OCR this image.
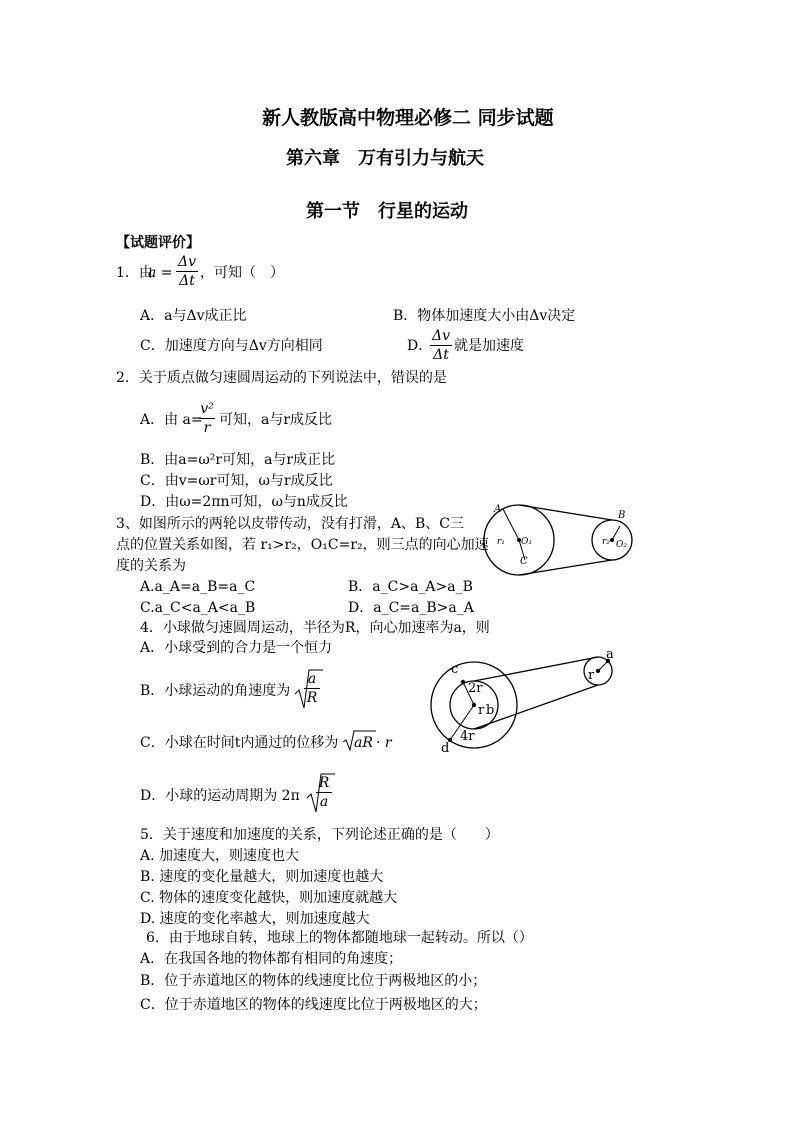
新人教版高中物理必修二 同步试题
第六章　万有引力与航天
第一节　行星的运动
【试题评价】
1．由
a =
Δv
Δt ，可知（　）
A．a与Δv成正比	B．物体加速度大小由Δv决定
C．加速度方向与Δv方向相同	D．
Δv
Δt
就是加速度
2．关于质点做匀速圆周运动的下列说法中，错误的是
A．由 a=
v²
r 可知，a与r成反比
B．由a=ω²r可知，a与r成正比
C．由v=ωr可知，ω与r成反比
D．由ω=2πn可知，ω与n成反比
3、如图所示的两轮以皮带传动，没有打滑，A、B、C三
点的位置关系如图，若 r₁>r₂，O₁C=r₂，则三点的向心加速
度的关系为
A.a_A=a_B=a_C	B．a_C>a_A>a_B
C.a_C<a_A<a_B	D．a_C=a_B>a_A
A
B
C
r₁ O₁	r₂ O₂
4．小球做匀速圆周运动，半径为R，向心加速率为a，则
A．小球受到的合力是一个恒力
B．小球运动的角速度为
a
R
C．小球在时间t内通过的位移为 aR · r
D．小球的运动周期为 2π
R
a
c
2r
r b
4r
d
r
a
5．关于速度和加速度的关系，下列论述正确的是（　　）
A. 加速度大，则速度也大
B. 速度的变化量越大，则加速度也越大
C. 物体的速度变化越快，则加速度就越大
D. 速度的变化率越大，则加速度越大
6．由于地球自转，地球上的物体都随地球一起转动。所以（）
A．在我国各地的物体都有相同的角速度；
B．位于赤道地区的物体的线速度比位于两极地区的小；
C．位于赤道地区的物体的线速度比位于两极地区的大；
